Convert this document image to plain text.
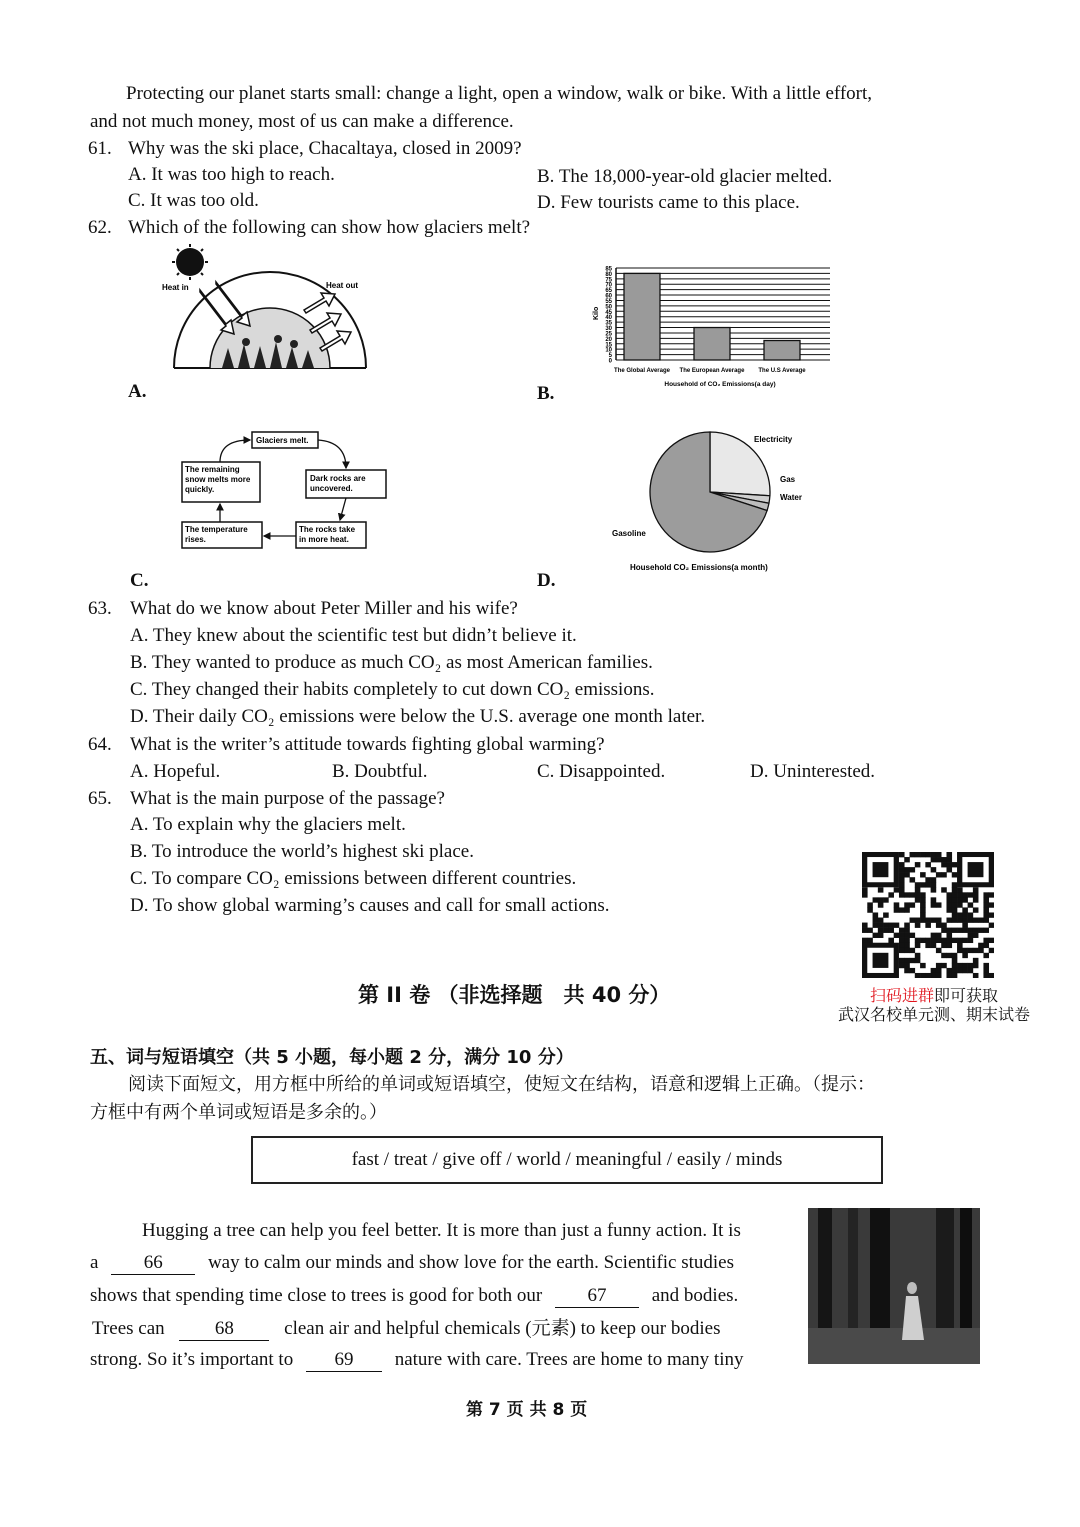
Protecting our planet starts small: change a light, open a window, walk or bike. With a little effort,
and not much money, most of us can make a difference.
61. Why was the ski place, Chacaltaya, closed in 2009?
A. It was too high to reach.	B. The 18,000-year-old glacier melted.
C. It was too old.	D. Few tourists came to this place.
62. Which of the following can show how glaciers melt?
Heat in	Heat out
A.
0
5
10
15
20
25
30
35
40
45
50
55
60
65
70
75
80
85
Kilo
The Global Average The European Average The U.S Average
Household of CO₂ Emissions(a day)
B.
Glaciers melt.
Dark rocks are
uncovered.
The rocks take
in more heat.
The temperature
rises.
The remaining
snow melts more
quickly.
C.
Electricity
Gas
Water
Gasoline
Household CO₂ Emissions(a month)
D.
63. What do we know about Peter Miller and his wife?
A. They knew about the scientific test but didn’t believe it.
B. They wanted to produce as much CO₂ as most American families.
C. They changed their habits completely to cut down CO₂ emissions.
D. Their daily CO₂ emissions were below the U.S. average one month later.
64. What is the writer’s attitude towards fighting global warming?
A. Hopeful.	B. Doubtful.	C. Disappointed.	D. Uninterested.
65. What is the main purpose of the passage?
A. To explain why the glaciers melt.
B. To introduce the world’s highest ski place.
C. To compare CO₂ emissions between different countries.
D. To show global warming’s causes and call for small actions.
扫码进群即可获取
武汉名校单元测、期末试卷
第 II 卷 （非选择题　共 40 分）
五、词与短语填空（共 5 小题，每小题 2 分，满分 10 分）
阅读下面短文，用方框中所给的单词或短语填空，使短文在结构，语意和逻辑上正确。（提示：
方框中有两个单词或短语是多余的。）
fast / treat / give off / world / meaningful / easily / minds
Hugging a tree can help you feel better. It is more than just a funny action. It is
a 66 way to calm our minds and show love for the earth. Scientific studies
shows that spending time close to trees is good for both our 67 and bodies.
Trees can	68	clean air and helpful chemicals (元素) to keep our bodies
strong. So it’s important to 69 nature with care. Trees are home to many tiny
第 7 页 共 8 页
